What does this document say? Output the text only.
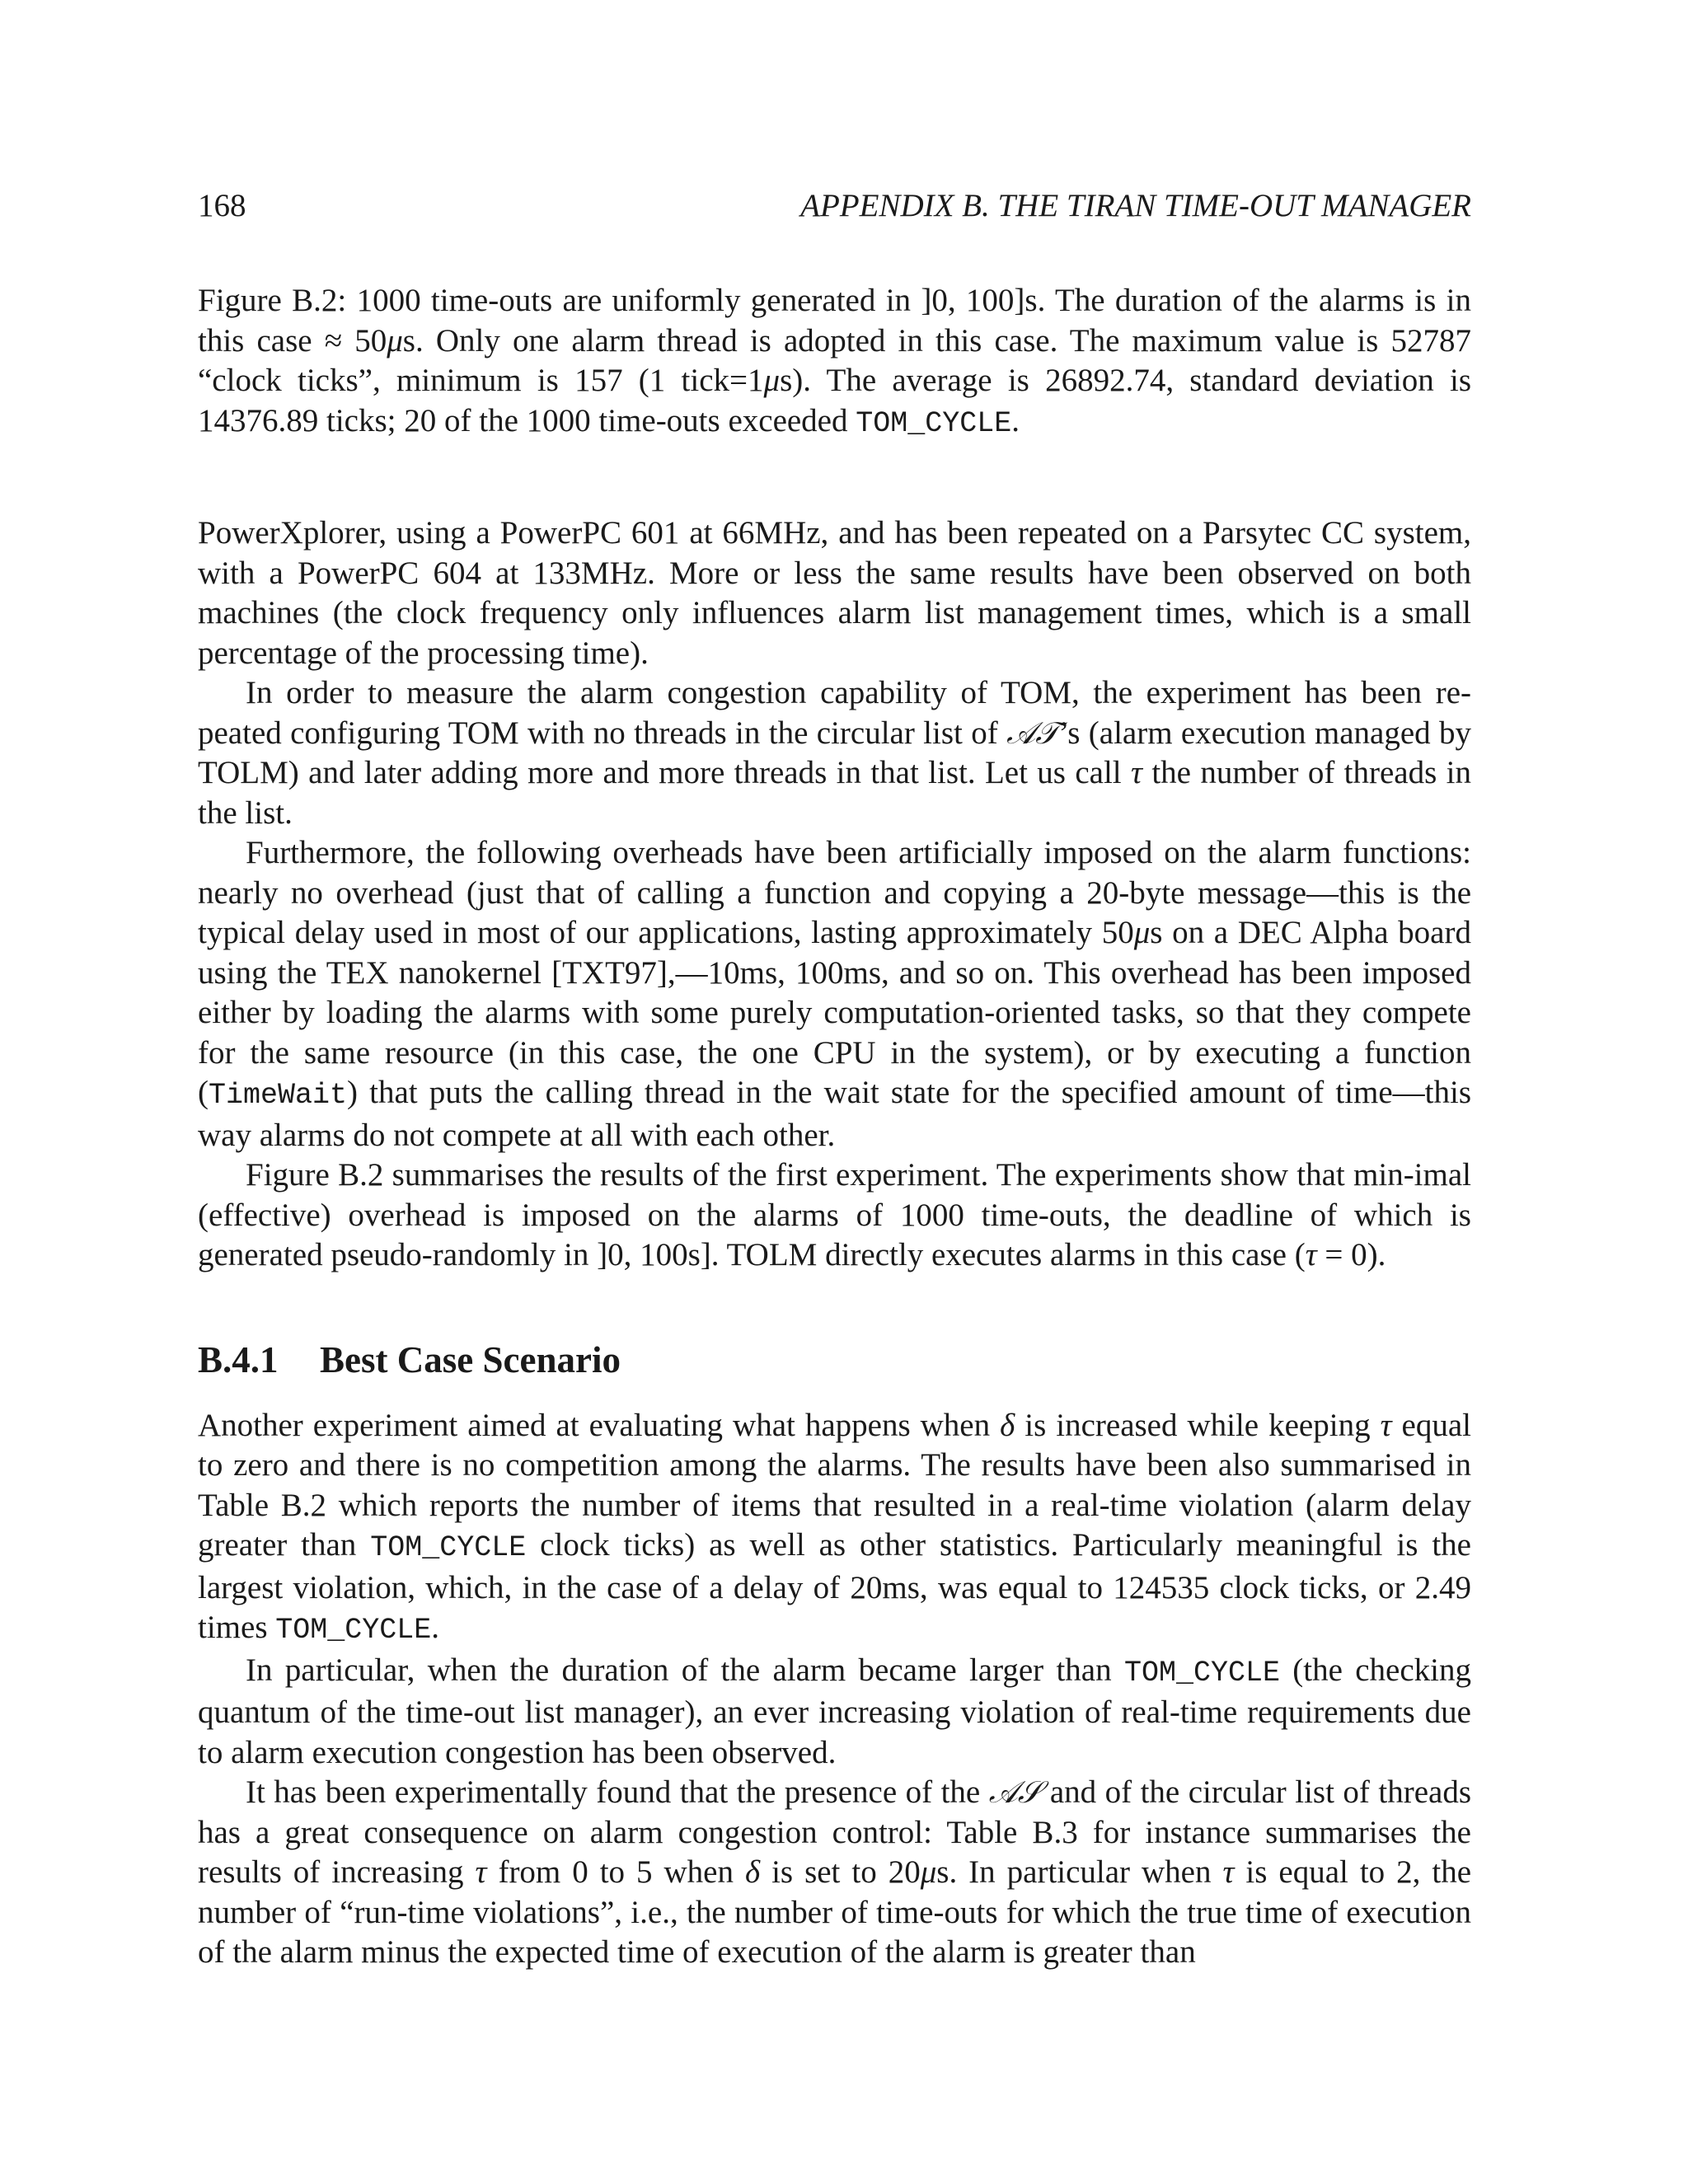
168	APPENDIX B. THE TIRAN TIME-OUT MANAGER

Figure B.2: 1000 time-outs are uniformly generated in ]0, 100]s. The duration of the alarms is in this case ≈ 50μs. Only one alarm thread is adopted in this case. The maximum value is 52787 “clock ticks”, minimum is 157 (1 tick=1μs). The average is 26892.74, standard deviation is 14376.89 ticks; 20 of the 1000 time-outs exceeded TOM_CYCLE.

PowerXplorer, using a PowerPC 601 at 66MHz, and has been repeated on a Parsytec CC system, with a PowerPC 604 at 133MHz. More or less the same results have been observed on both machines (the clock frequency only influences alarm list management times, which is a small percentage of the processing time).

In order to measure the alarm congestion capability of TOM, the experiment has been re-peated configuring TOM with no threads in the circular list of 𝒜𝒯’s (alarm execution managed by TOLM) and later adding more and more threads in that list. Let us call τ the number of threads in the list.

Furthermore, the following overheads have been artificially imposed on the alarm functions: nearly no overhead (just that of calling a function and copying a 20-byte message—this is the typical delay used in most of our applications, lasting approximately 50μs on a DEC Alpha board using the TEX nanokernel [TXT97],—10ms, 100ms, and so on. This overhead has been imposed either by loading the alarms with some purely computation-oriented tasks, so that they compete for the same resource (in this case, the one CPU in the system), or by executing a function (TimeWait) that puts the calling thread in the wait state for the specified amount of time—this way alarms do not compete at all with each other.

Figure B.2 summarises the results of the first experiment. The experiments show that min-imal (effective) overhead is imposed on the alarms of 1000 time-outs, the deadline of which is generated pseudo-randomly in ]0, 100s]. TOLM directly executes alarms in this case (τ = 0).

B.4.1	Best Case Scenario

Another experiment aimed at evaluating what happens when δ is increased while keeping τ equal to zero and there is no competition among the alarms. The results have been also summarised in Table B.2 which reports the number of items that resulted in a real-time violation (alarm delay greater than TOM_CYCLE clock ticks) as well as other statistics. Particularly meaningful is the largest violation, which, in the case of a delay of 20ms, was equal to 124535 clock ticks, or 2.49 times TOM_CYCLE.

In particular, when the duration of the alarm became larger than TOM_CYCLE (the checking quantum of the time-out list manager), an ever increasing violation of real-time requirements due to alarm execution congestion has been observed.

It has been experimentally found that the presence of the 𝒜𝒮 and of the circular list of threads has a great consequence on alarm congestion control: Table B.3 for instance summarises the results of increasing τ from 0 to 5 when δ is set to 20μs. In particular when τ is equal to 2, the number of “run-time violations”, i.e., the number of time-outs for which the true time of execution of the alarm minus the expected time of execution of the alarm is greater than
